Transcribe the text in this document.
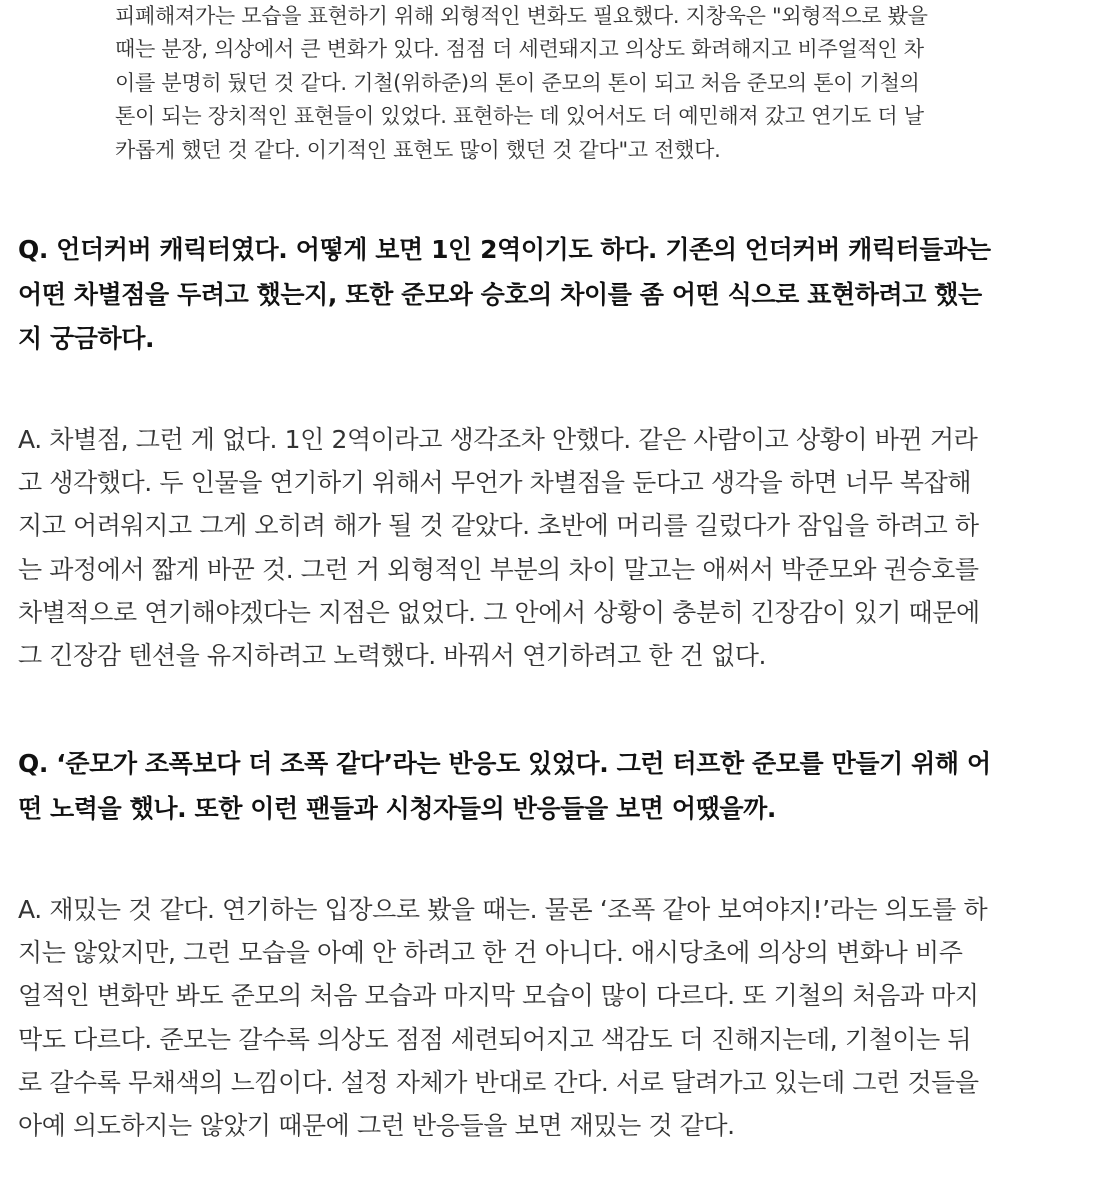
피폐해져가는 모습을 표현하기 위해 외형적인 변화도 필요했다. 지창욱은 "외형적으로 봤을
때는 분장, 의상에서 큰 변화가 있다. 점점 더 세련돼지고 의상도 화려해지고 비주얼적인 차
이를 분명히 뒀던 것 같다. 기철(위하준)의 톤이 준모의 톤이 되고 처음 준모의 톤이 기철의
톤이 되는 장치적인 표현들이 있었다. 표현하는 데 있어서도 더 예민해져 갔고 연기도 더 날
카롭게 했던 것 같다. 이기적인 표현도 많이 했던 것 같다"고 전했다.
Q. 언더커버 캐릭터였다. 어떻게 보면 1인 2역이기도 하다. 기존의 언더커버 캐릭터들과는
어떤 차별점을 두려고 했는지, 또한 준모와 승호의 차이를 좀 어떤 식으로 표현하려고 했는
지 궁금하다.
A. 차별점, 그런 게 없다. 1인 2역이라고 생각조차 안했다. 같은 사람이고 상황이 바뀐 거라
고 생각했다. 두 인물을 연기하기 위해서 무언가 차별점을 둔다고 생각을 하면 너무 복잡해
지고 어려워지고 그게 오히려 해가 될 것 같았다. 초반에 머리를 길렀다가 잠입을 하려고 하
는 과정에서 짧게 바꾼 것. 그런 거 외형적인 부분의 차이 말고는 애써서 박준모와 권승호를
차별적으로 연기해야겠다는 지점은 없었다. 그 안에서 상황이 충분히 긴장감이 있기 때문에
그 긴장감 텐션을 유지하려고 노력했다. 바꿔서 연기하려고 한 건 없다.
Q. ‘준모가 조폭보다 더 조폭 같다’라는 반응도 있었다. 그런 터프한 준모를 만들기 위해 어
떤 노력을 했나. 또한 이런 팬들과 시청자들의 반응들을 보면 어땠을까.
A. 재밌는 것 같다. 연기하는 입장으로 봤을 때는. 물론 ‘조폭 같아 보여야지!’라는 의도를 하
지는 않았지만, 그런 모습을 아예 안 하려고 한 건 아니다. 애시당초에 의상의 변화나 비주
얼적인 변화만 봐도 준모의 처음 모습과 마지막 모습이 많이 다르다. 또 기철의 처음과 마지
막도 다르다. 준모는 갈수록 의상도 점점 세련되어지고 색감도 더 진해지는데, 기철이는 뒤
로 갈수록 무채색의 느낌이다. 설정 자체가 반대로 간다. 서로 달려가고 있는데 그런 것들을
아예 의도하지는 않았기 때문에 그런 반응들을 보면 재밌는 것 같다.
